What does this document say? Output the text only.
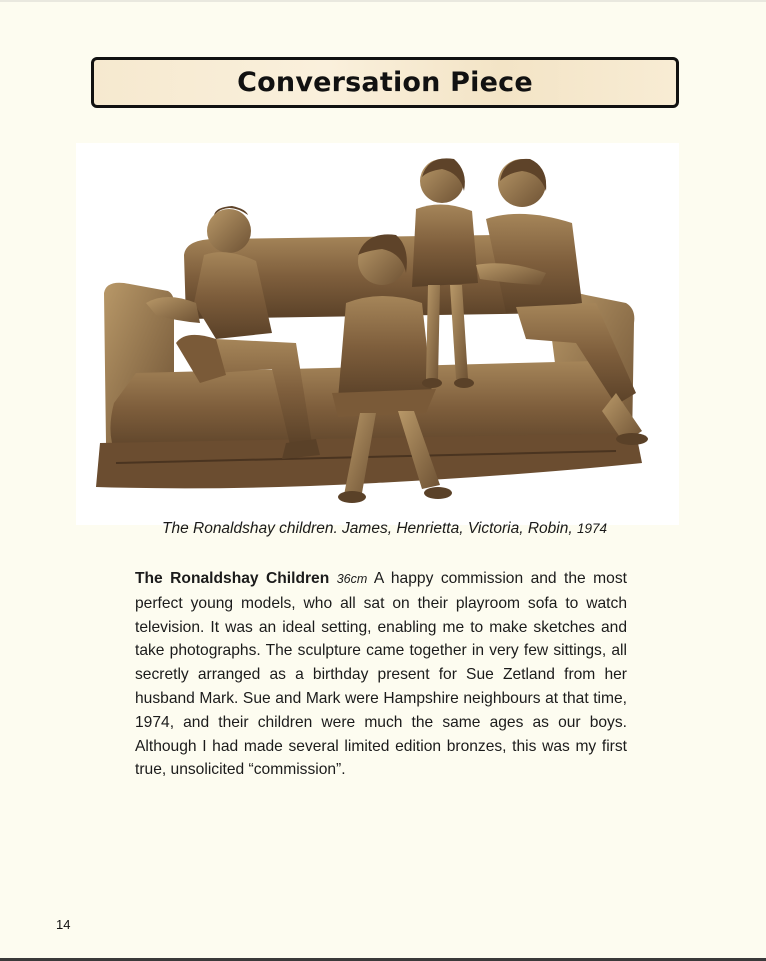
Conversation Piece
The Ronaldshay children. James, Henrietta, Victoria, Robin, 1974
The Ronaldshay Children 36cm A happy commission and the most perfect young models, who all sat on their playroom sofa to watch television. It was an ideal setting, enabling me to make sketches and take photographs. The sculpture came together in very few sittings, all secretly arranged as a birthday present for Sue Zetland from her husband Mark. Sue and Mark were Hampshire neighbours at that time, 1974, and their children were much the same ages as our boys. Although I had made several limited edition bronzes, this was my first true, unsolicited “commission”.
14
